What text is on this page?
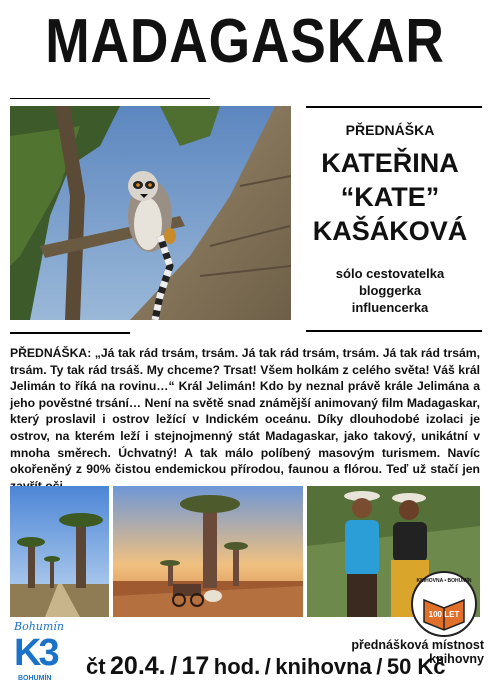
MADAGASKAR
PŘEDNÁŠKA
KATEŘINA
“KATE”
KAŠÁKOVÁ
sólo cestovatelka
bloggerka
influencerka
PŘEDNÁŠKA: „Já tak rád trsám, trsám. Já tak rád trsám, trsám. Já tak rád trsám, trsám. Ty tak rád trsáš. My chceme? Trsat! Všem holkám z celého světa! Váš král Jelimán to říká na rovinu…“ Král Jelimán! Kdo by neznal právě krále Jelimána a jeho pověstné trsání… Není na světě snad známější animovaný film Madagaskar, který proslavil i ostrov ležící v Indickém oceánu. Díky dlouhodobé izolaci je ostrov, na kterém leží i stejnojmenný stát Madagaskar, jako takový, unikátní v mnoha směrech. Úchvatný! A tak málo políbený masovým turismem. Navíc okořeněný z 90% čistou endemickou přírodou, faunou a flórou. Teď už stačí jen
KNIHOVNA • BOHUMÍN
100 LET
Bohumín
K3
BOHUMÍN
přednášková místnost knihovny
čt 20.4. / 17 hod. / knihovna / 50 Kč
